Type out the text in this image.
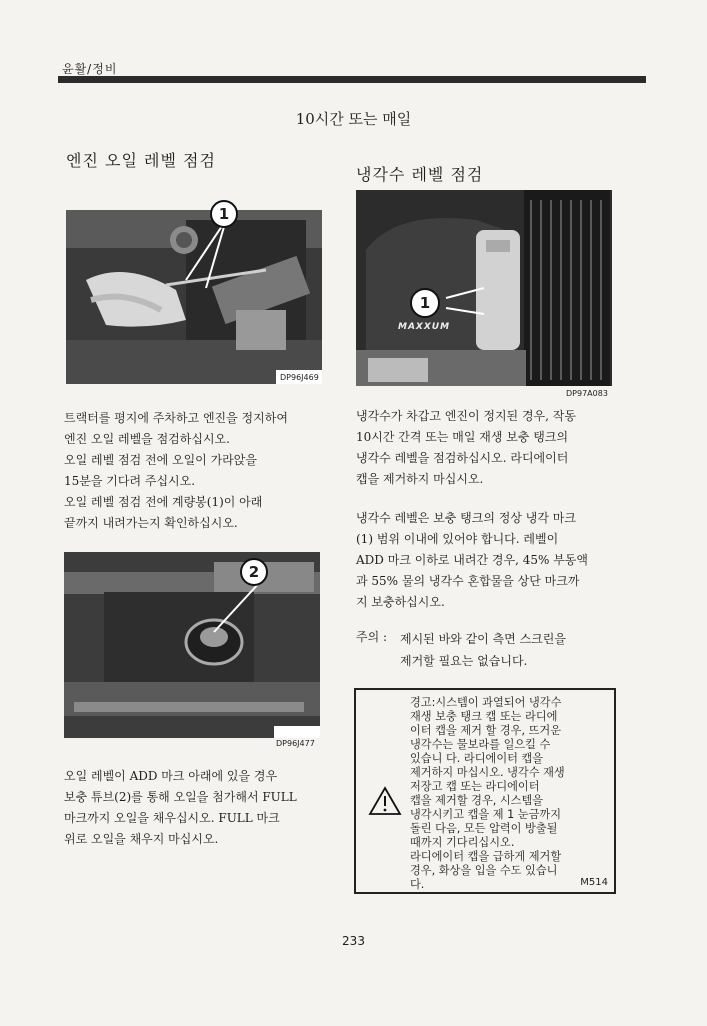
윤활/정비
10시간 또는 매일
엔진 오일 레벨 점검
1
DP96J469

트랙터를 평지에 주차하고 엔진을 정지하여

엔진 오일 레벨을 점검하십시오.

오일 레벨 점검 전에 오일이 가라앉을

15분을 기다려 주십시오.

오일 레벨 점검 전에 계량봉(1)이 아래

끝까지 내려가는지 확인하십시오.

2
DP96J477

오일 레벨이 ADD 마크 아래에 있을 경우

보충 튜브(2)를 통해 오일을 첨가해서 FULL

마크까지 오일을 채우십시오. FULL 마크

위로 오일을 채우지 마십시오.

냉각수 레벨 점검
MAXXUM
1
DP97A083

냉각수가 차갑고 엔진이 정지된 경우, 작동

10시간 간격 또는 매일 재생 보충 탱크의

냉각수 레벨을 점검하십시오. 라디에이터

캡을 제거하지 마십시오.

냉각수 레벨은 보충 탱크의 정상 냉각 마크

(1) 범위 이내에 있어야 합니다. 레벨이

ADD 마크 이하로 내려간 경우, 45% 부동액

과 55% 물의 냉각수 혼합물을 상단 마크까

지 보충하십시오.

주의 : 제시된 바와 같이 측면 스크린을
제거할 필요는 없습니다.
경고:시스템이 과열되어 냉각수
재생 보충 탱크 캡 또는 라디에
이터 캡을 제거 할 경우, 뜨거운
냉각수는 물보라를 일으킬 수
있습니 다. 라디에이터 캡을
제거하지 마십시오. 냉각수 재생
저장고 캡 또는 라디에이터
캡을 제거할 경우, 시스템을
냉각시키고 캡을 제 1 눈금까지
돌린 다음, 모든 압력이 방출될
때까지 기다리십시오.
라디에이터 캡을 급하게 제거할
경우, 화상을 입을 수도 있습니
다.	M514
233
